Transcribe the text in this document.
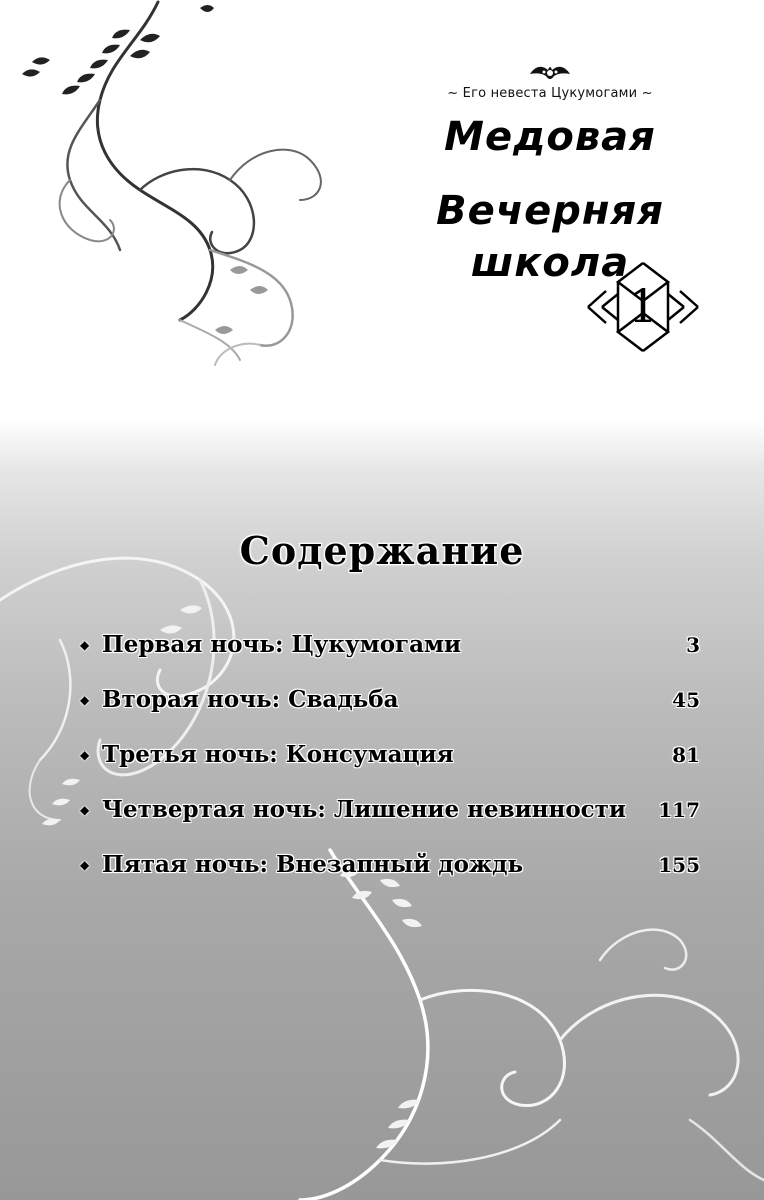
~ Его невеста Цукумогами ~
Медовая
Вечерняя школа
1
Содержание
◆ Первая ночь: Цукумогами	3
◆ Вторая ночь: Свадьба	45
◆ Третья ночь: Консумация	81
◆ Четвертая ночь: Лишение невинности 117
◆ Пятая ночь: Внезапный дождь	155
